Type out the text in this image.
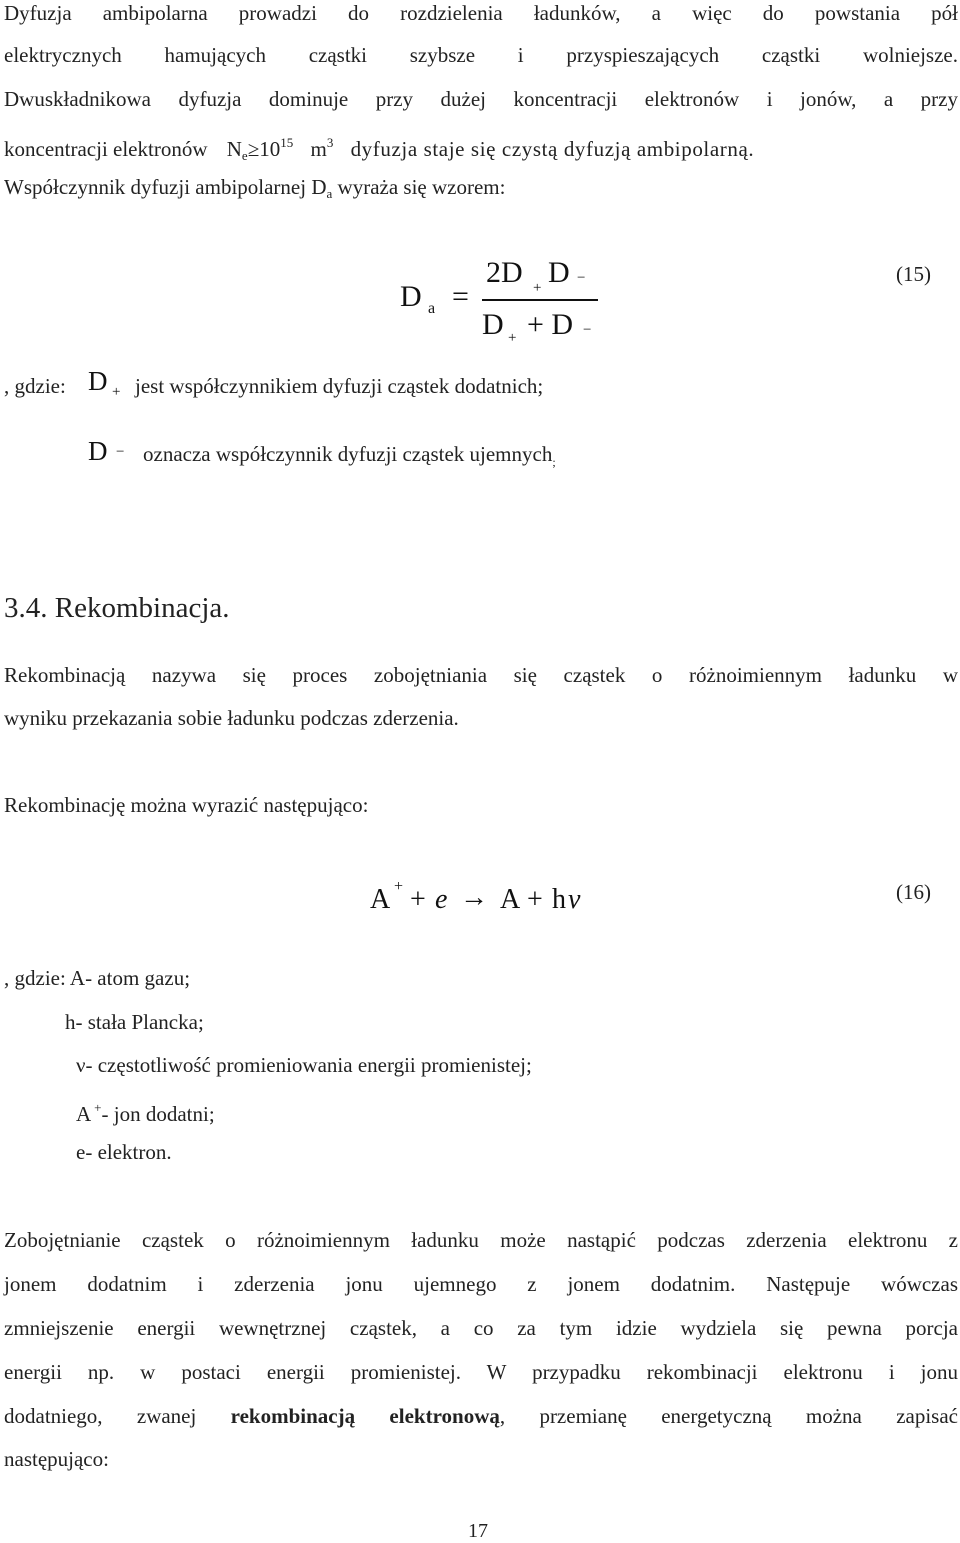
Dyfuzja ambipolarna prowadzi do rozdzielenia ładunków, a więc do powstania pół
elektrycznych hamujących cząstki szybsze i przyspieszających cząstki wolniejsze.
Dwuskładnikowa dyfuzja dominuje przy dużej koncentracji elektronów i jonów, a przy
koncentracji elektronów $N_e\ge 10^{15}$ $m^3$ dyfuzja staje się czystą dyfuzją ambipolarną.
Współczynnik dyfuzji ambipolarnej $D_a$ wyraża się wzorem:
D a =
2D + D −
D + + D −
(15)
, gdzie: D + jest współczynnikiem dyfuzji cząstek dodatnich;
D − oznacza współczynnik dyfuzji cząstek ujemnych$_;$
3.4. Rekombinacja.
Rekombinacją nazywa się proces zobojętniania się cząstek o różnoimiennym ładunku w
wyniku przekazania sobie ładunku podczas zderzenia.
Rekombinację można wyrazić następująco:
A + + e → A + h ν	(16)
, gdzie: A- atom gazu;
h- stała Plancka;
ν- częstotliwość promieniowania energii promienistej;
A +- jon dodatni;
e- elektron.
Zobojętnianie cząstek o różnoimiennym ładunku może nastąpić podczas zderzenia elektronu z
jonem dodatnim i zderzenia jonu ujemnego z jonem dodatnim. Następuje wówczas
zmniejszenie energii wewnętrznej cząstek, a co za tym idzie wydziela się pewna porcja
energii np. w postaci energii promienistej. W przypadku rekombinacji elektronu i jonu
dodatniego, zwanej rekombinacją elektronową, przemianę energetyczną można zapisać
następująco:
17
